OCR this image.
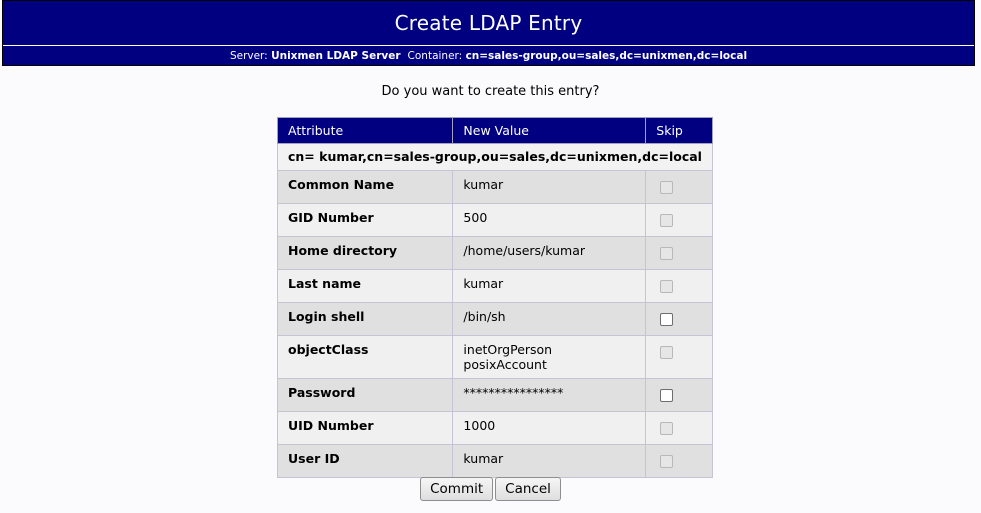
Create LDAP Entry
Server: Unixmen LDAP Server Container: cn=sales-group,ou=sales,dc=unixmen,dc=local
Do you want to create this entry?
Attribute	New Value	Skip
cn= kumar,cn=sales-group,ou=sales,dc=unixmen,dc=local		
Common Name	kumar	
GID Number	500	
Home directory	/home/users/kumar	
Last name	kumar	
Login shell	/bin/sh	
objectClass	inetOrgPerson
posixAccount	

Password	****************	
UID Number	1000	
User ID	kumar	
Commit Cancel
